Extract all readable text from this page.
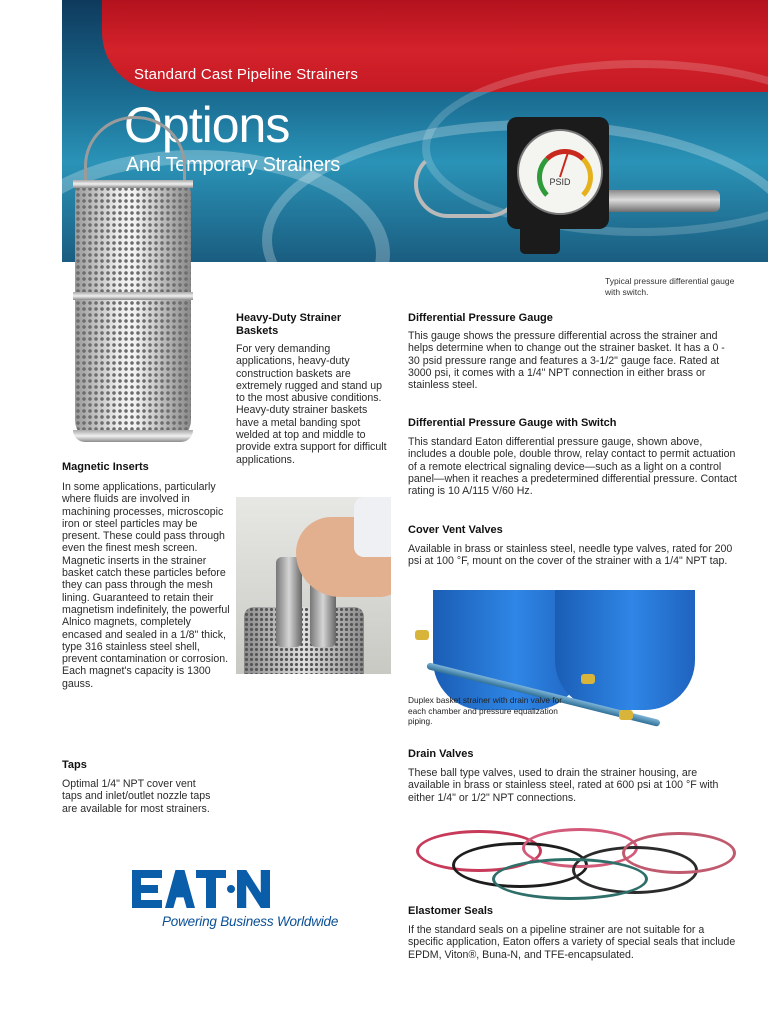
Standard Cast Pipeline Strainers
Options
And Temporary Strainers
PSID
Typical pressure differential gauge with switch.
Magnetic Inserts
In some applications, particularly where fluids are involved in machining processes, microscopic iron or steel particles may be present. These could pass through even the finest mesh screen. Magnetic inserts in the strainer basket catch these particles before they can pass through the mesh lining. Guaranteed to retain their magnetism indefinitely, the powerful Alnico magnets, completely encased and sealed in a 1/8" thick, type 316 stainless steel shell, prevent contamination or corrosion. Each magnet's capacity is 1300 gauss.
Taps
Optimal 1/4" NPT cover vent taps and inlet/outlet nozzle taps are available for most strainers.
Powering Business Worldwide
Heavy-Duty Strainer Baskets
For very demanding applications, heavy-duty construction baskets are extremely rugged and stand up to the most abusive conditions. Heavy-duty strainer baskets have a metal banding spot welded at top and middle to provide extra support for difficult applications.
Differential Pressure Gauge
This gauge shows the pressure differential across the strainer and helps determine when to change out the strainer basket. It has a 0 - 30 psid pressure range and features a 3-1/2" gauge face. Rated at 3000 psi, it comes with a 1/4" NPT connection in either brass or stainless steel.
Differential Pressure Gauge with Switch
This standard Eaton differential pressure gauge, shown above, includes a double pole, double throw, relay contact to permit actuation of a remote electrical signaling device—such as a light on a control panel—when it reaches a predetermined differential pressure. Contact rating is 10 A/115 V/60 Hz.
Cover Vent Valves
Available in brass or stainless steel, needle type valves, rated for 200 psi at 100 °F, mount on the cover of the strainer with a 1/4" NPT tap.
Duplex basket strainer with drain valve for each chamber and pressure equalization piping.
Drain Valves
These ball type valves, used to drain the strainer housing, are available in brass or stainless steel, rated at 600 psi at 100 °F with either 1/4" or 1/2" NPT connections.
Elastomer Seals
If the standard seals on a pipeline strainer are not suitable for a specific application, Eaton offers a variety of special seals that include EPDM, Viton®, Buna-N, and TFE-encapsulated.
